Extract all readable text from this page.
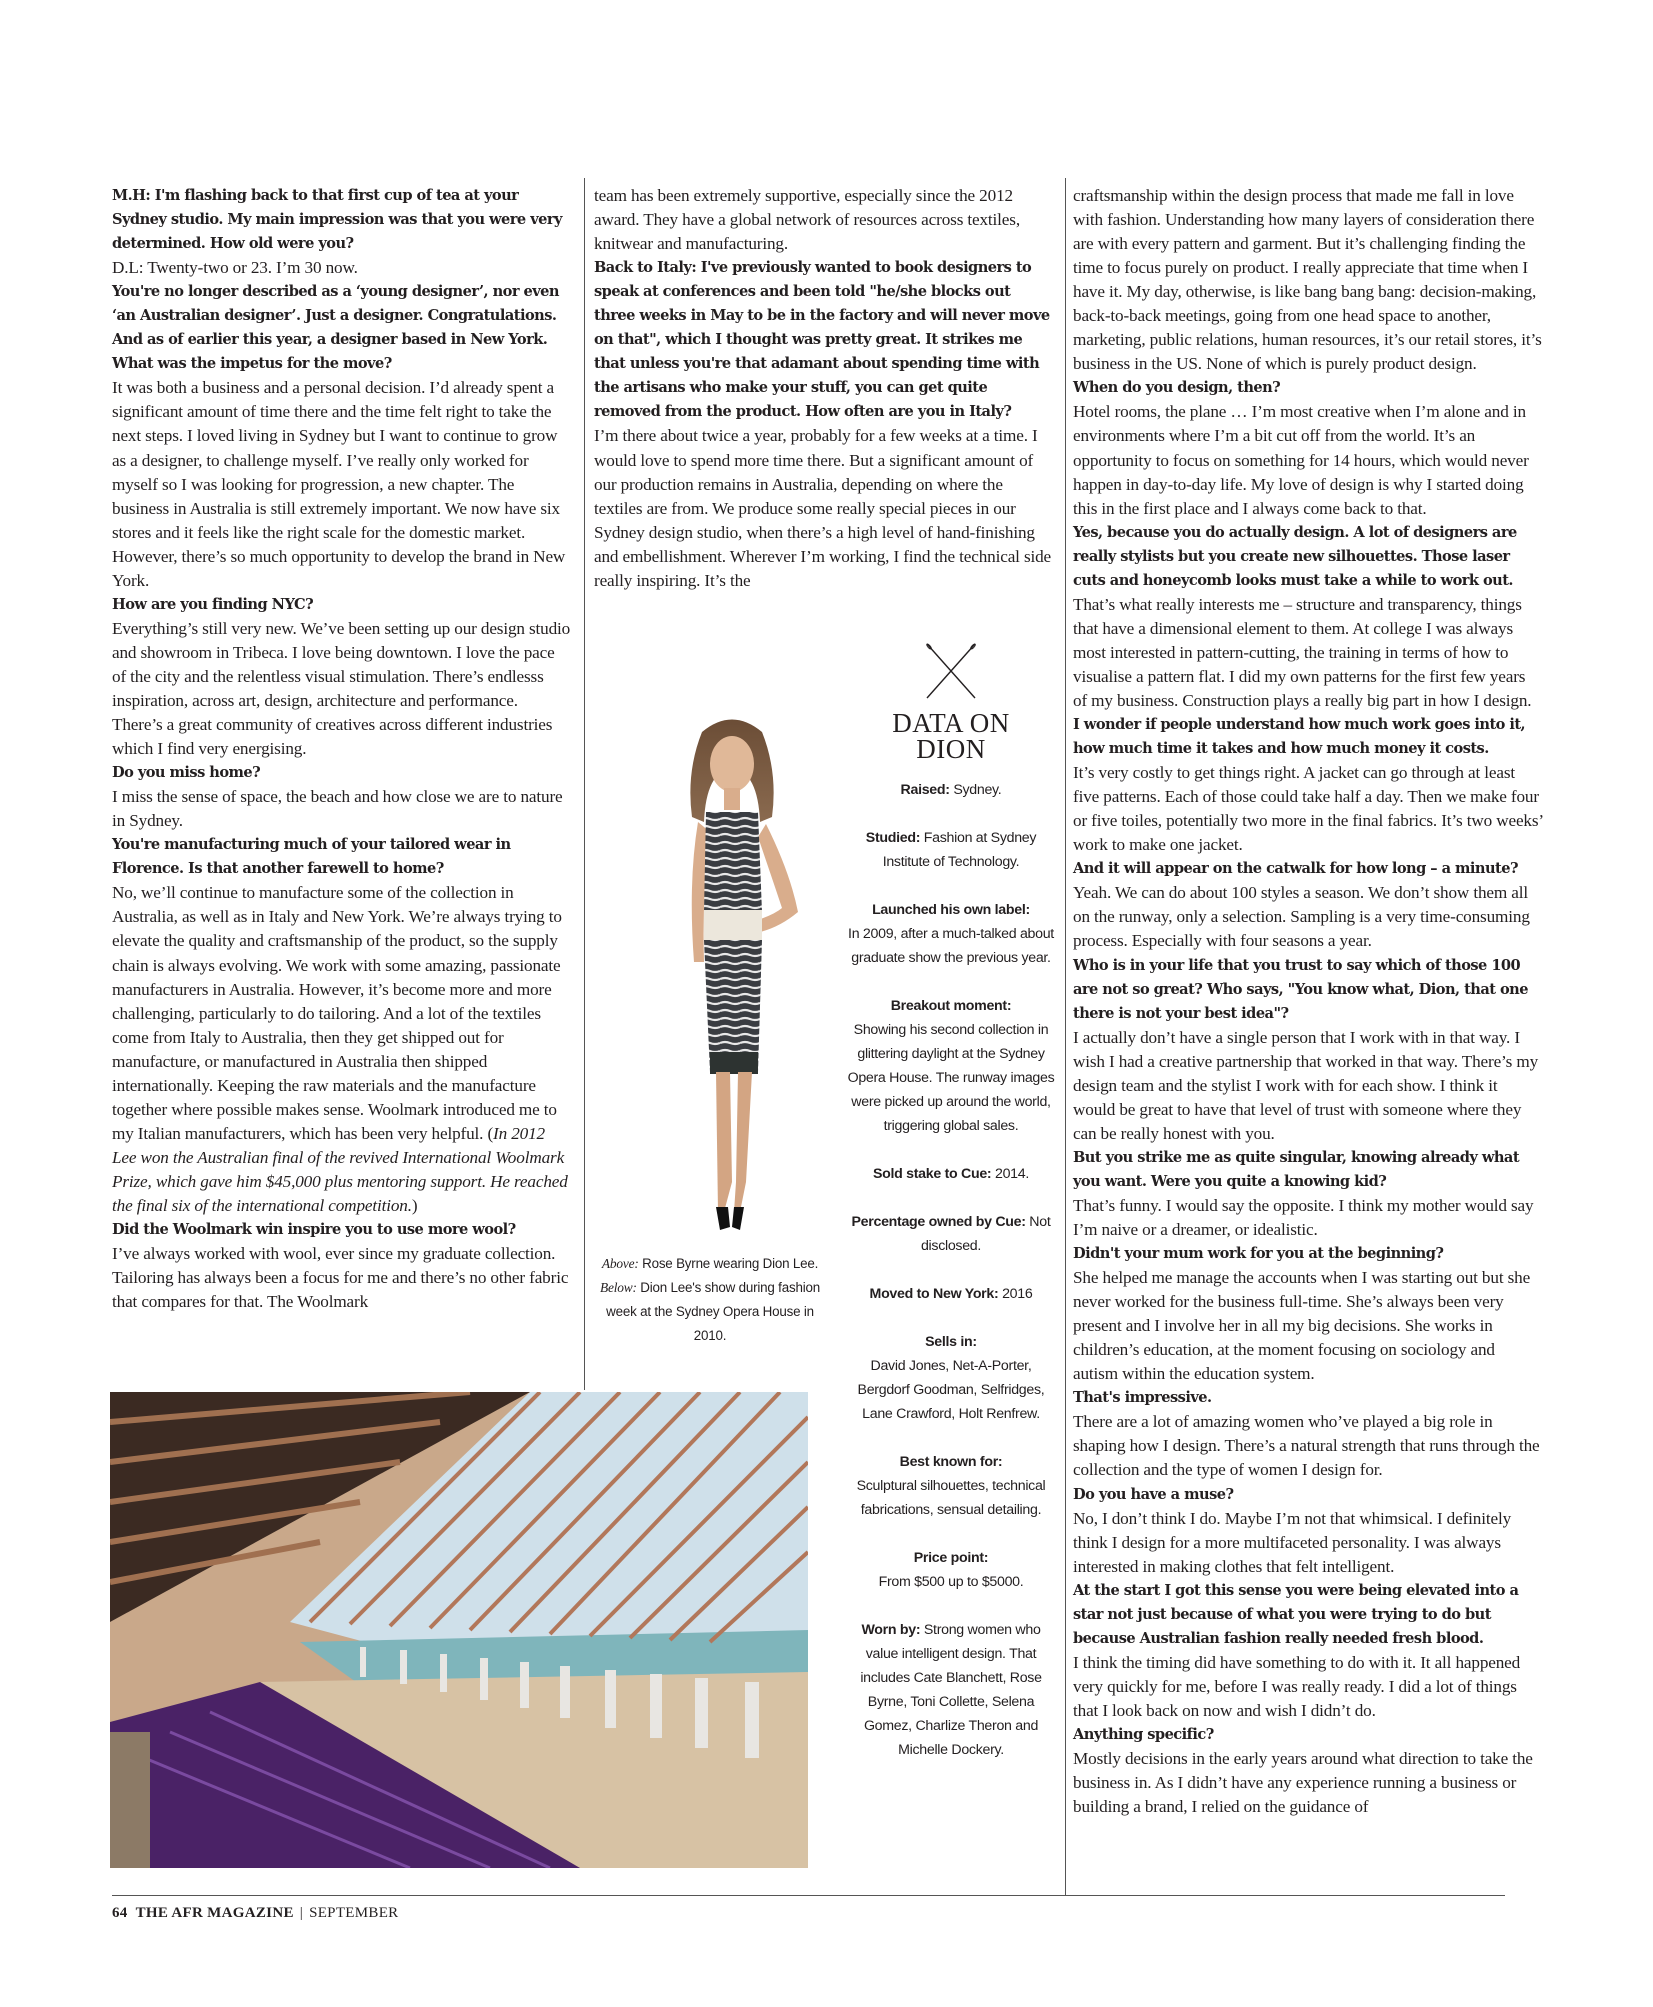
M.H: I'm flashing back to that first cup of tea at your Sydney studio. My main impression was that you were very determined. How old were you?

D.L: Twenty-two or 23. I’m 30 now.

You're no longer described as a ‘young designer’, nor even ‘an Australian designer’. Just a designer. Congratulations. And as of earlier this year, a designer based in New York. What was the impetus for the move?

It was both a business and a personal decision. I’d already spent a significant amount of time there and the time felt right to take the next steps. I loved living in Sydney but I want to continue to grow as a designer, to challenge myself. I’ve really only worked for myself so I was looking for progression, a new chapter. The business in Australia is still extremely important. We now have six stores and it feels like the right scale for the domestic market. However, there’s so much opportunity to develop the brand in New York.

How are you finding NYC?

Everything’s still very new. We’ve been setting up our design studio and showroom in Tribeca. I love being downtown. I love the pace of the city and the relentless visual stimulation. There’s endlesss inspiration, across art, design, architecture and performance. There’s a great community of creatives across different industries which I find very energising.

Do you miss home?

I miss the sense of space, the beach and how close we are to nature in Sydney.

You're manufacturing much of your tailored wear in Florence. Is that another farewell to home?

No, we’ll continue to manufacture some of the collection in Australia, as well as in Italy and New York. We’re always trying to elevate the quality and craftsmanship of the product, so the supply chain is always evolving. We work with some amazing, passionate manufacturers in Australia. However, it’s become more and more challenging, particularly to do tailoring. And a lot of the textiles come from Italy to Australia, then they get shipped out for manufacture, or manufactured in Australia then shipped internationally. Keeping the raw materials and the manufacture together where possible makes sense. Woolmark introduced me to my Italian manufacturers, which has been very helpful. (In 2012 Lee won the Australian final of the revived International Woolmark Prize, which gave him $45,000 plus mentoring support. He reached the final six of the international competition.)

Did the Woolmark win inspire you to use more wool?

I’ve always worked with wool, ever since my graduate collection. Tailoring has always been a focus for me and there’s no other fabric that compares for that. The Woolmark

team has been extremely supportive, especially since the 2012 award. They have a global network of resources across textiles, knitwear and manufacturing.

Back to Italy: I've previously wanted to book designers to speak at conferences and been told "he/she blocks out three weeks in May to be in the factory and will never move on that", which I thought was pretty great. It strikes me that unless you're that adamant about spending time with the artisans who make your stuff, you can get quite removed from the product. How often are you in Italy?

I’m there about twice a year, probably for a few weeks at a time. I would love to spend more time there. But a significant amount of our production remains in Australia, depending on where the textiles are from. We produce some really special pieces in our Sydney design studio, when there’s a high level of hand-finishing and embellishment. Wherever I’m working, I find the technical side really inspiring. It’s the

craftsmanship within the design process that made me fall in love with fashion. Understanding how many layers of consideration there are with every pattern and garment. But it’s challenging finding the time to focus purely on product. I really appreciate that time when I have it. My day, otherwise, is like bang bang bang: decision-making, back-to-back meetings, going from one head space to another, marketing, public relations, human resources, it’s our retail stores, it’s business in the US. None of which is purely product design.

When do you design, then?

Hotel rooms, the plane … I’m most creative when I’m alone and in environments where I’m a bit cut off from the world. It’s an opportunity to focus on something for 14 hours, which would never happen in day-to-day life. My love of design is why I started doing this in the first place and I always come back to that.

Yes, because you do actually design. A lot of designers are really stylists but you create new silhouettes. Those laser cuts and honeycomb looks must take a while to work out.

That’s what really interests me – structure and transparency, things that have a dimensional element to them. At college I was always most interested in pattern-cutting, the training in terms of how to visualise a pattern flat. I did my own patterns for the first few years of my business. Construction plays a really big part in how I design.

I wonder if people understand how much work goes into it, how much time it takes and how much money it costs.

It’s very costly to get things right. A jacket can go through at least five patterns. Each of those could take half a day. Then we make four or five toiles, potentially two more in the final fabrics. It’s two weeks’ work to make one jacket.

And it will appear on the catwalk for how long – a minute?

Yeah. We can do about 100 styles a season. We don’t show them all on the runway, only a selection. Sampling is a very time-consuming process. Especially with four seasons a year.

Who is in your life that you trust to say which of those 100 are not so great? Who says, "You know what, Dion, that one there is not your best idea"?

I actually don’t have a single person that I work with in that way. I wish I had a creative partnership that worked in that way. There’s my design team and the stylist I work with for each show. I think it would be great to have that level of trust with someone where they can be really honest with you.

But you strike me as quite singular, knowing already what you want. Were you quite a knowing kid?

That’s funny. I would say the opposite. I think my mother would say I’m naive or a dreamer, or idealistic.

Didn't your mum work for you at the beginning?

She helped me manage the accounts when I was starting out but she never worked for the business full-time. She’s always been very present and I involve her in all my big decisions. She works in children’s education, at the moment focusing on sociology and autism within the education system.

That's impressive.

There are a lot of amazing women who’ve played a big role in shaping how I design. There’s a natural strength that runs through the collection and the type of women I design for.

Do you have a muse?

No, I don’t think I do. Maybe I’m not that whimsical. I definitely think I design for a more multifaceted personality. I was always interested in making clothes that felt intelligent.

At the start I got this sense you were being elevated into a star not just because of what you were trying to do but because Australian fashion really needed fresh blood.

I think the timing did have something to do with it. It all happened very quickly for me, before I was really ready. I did a lot of things that I look back on now and wish I didn’t do.

Anything specific?

Mostly decisions in the early years around what direction to take the business in. As I didn’t have any experience running a business or building a brand, I relied on the guidance of

Above: Rose Byrne wearing Dion Lee. Below: Dion Lee's show during fashion week at the Sydney Opera House in 2010.
DATA ON
DION
Raised: Sydney.
Studied: Fashion at Sydney Institute of Technology.
Launched his own label:
In 2009, after a much-talked about graduate show the previous year.
Breakout moment:
Showing his second collection in glittering daylight at the Sydney Opera House. The runway images were picked up around the world, triggering global sales.
Sold stake to Cue: 2014.
Percentage owned by Cue: Not disclosed.
Moved to New York: 2016
Sells in:
David Jones, Net-A-Porter, Bergdorf Goodman, Selfridges, Lane Crawford, Holt Renfrew.
Best known for:
Sculptural silhouettes, technical fabrications, sensual detailing.
Price point:
From $500 up to $5000.
Worn by: Strong women who value intelligent design. That includes Cate Blanchett, Rose Byrne, Toni Collette, Selena Gomez, Charlize Theron and Michelle Dockery.
64 THE AFR MAGAZINE | SEPTEMBER
